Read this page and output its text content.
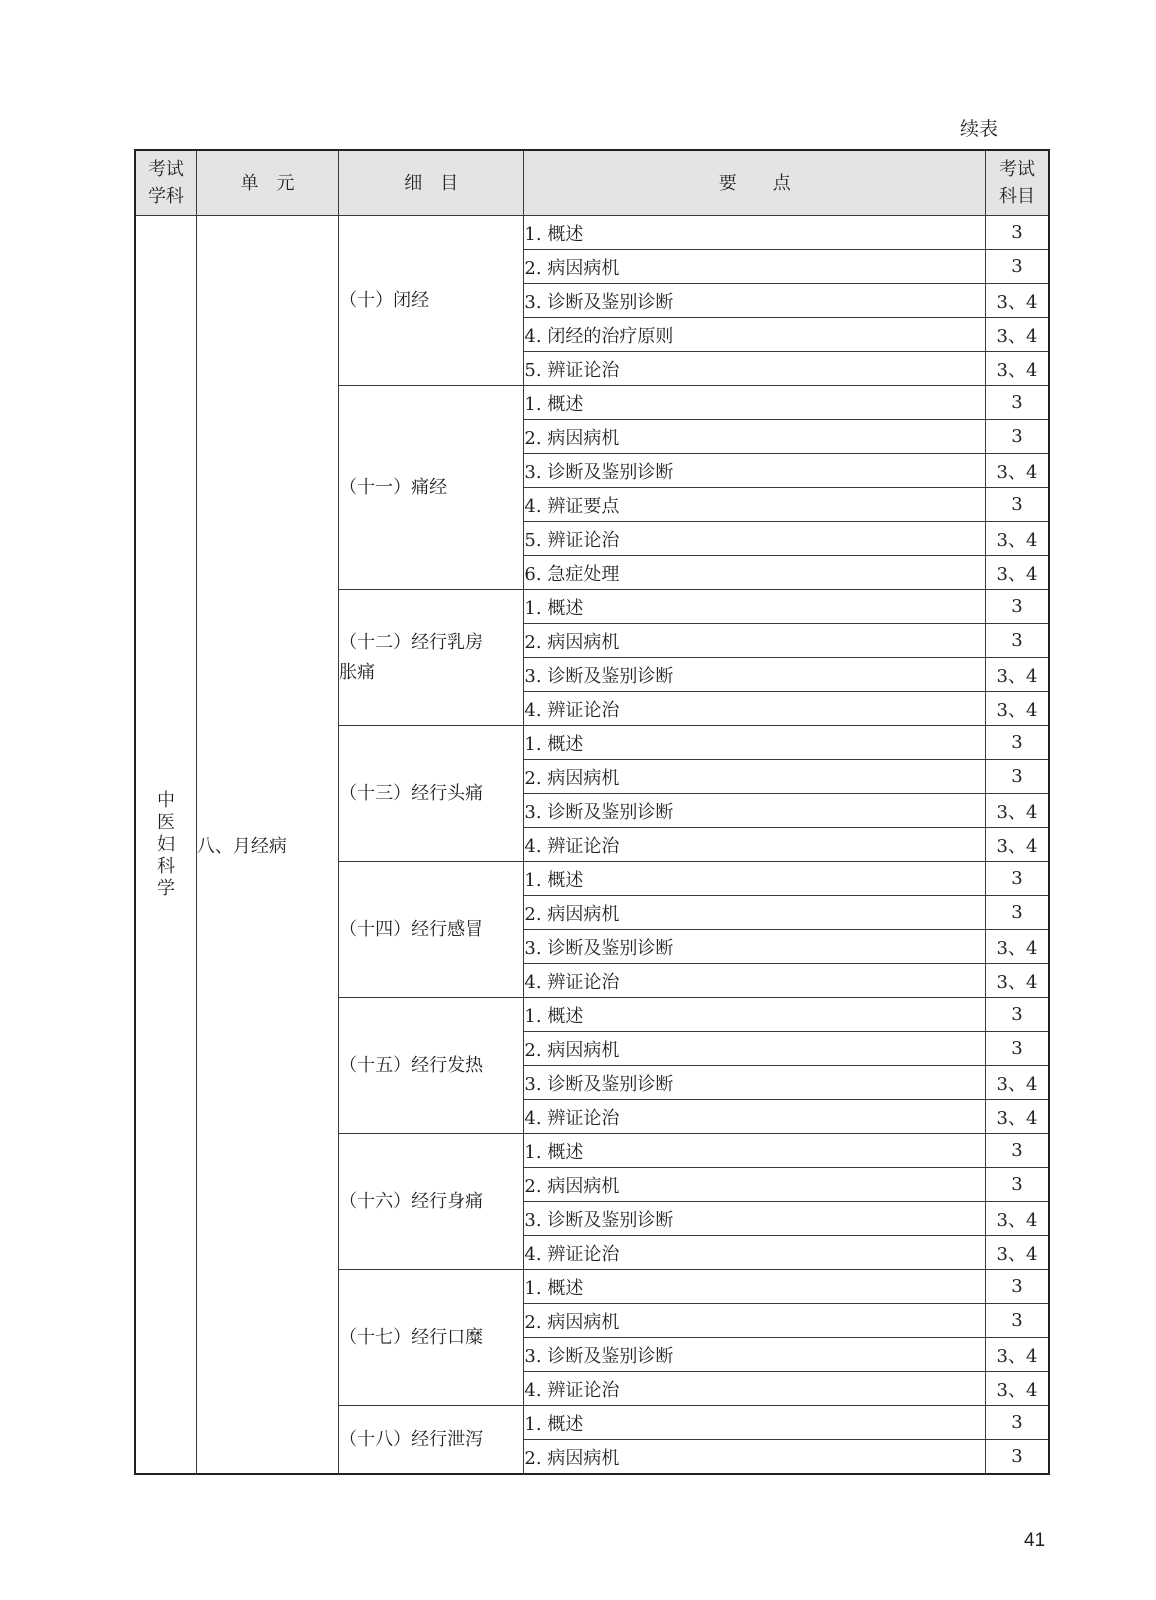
续表
考试学科	单　元	细　目	要　　点	考试科目
中医妇科学	八、月经病	（十）闭经	1. 概述	3
			2. 病因病机	3
			3. 诊断及鉴别诊断	3、4
			4. 闭经的治疗原则	3、4
			5. 辨证论治	3、4
		（十一）痛经	1. 概述	3
			2. 病因病机	3
			3. 诊断及鉴别诊断	3、4
			4. 辨证要点	3
			5. 辨证论治	3、4
			6. 急症处理	3、4
		（十二）经行乳房胀痛	1. 概述	3
			2. 病因病机	3
			3. 诊断及鉴别诊断	3、4
			4. 辨证论治	3、4
		（十三）经行头痛	1. 概述	3
			2. 病因病机	3
			3. 诊断及鉴别诊断	3、4
			4. 辨证论治	3、4
		（十四）经行感冒	1. 概述	3
			2. 病因病机	3
			3. 诊断及鉴别诊断	3、4
			4. 辨证论治	3、4
		（十五）经行发热	1. 概述	3
			2. 病因病机	3
			3. 诊断及鉴别诊断	3、4
			4. 辨证论治	3、4
		（十六）经行身痛	1. 概述	3
			2. 病因病机	3
			3. 诊断及鉴别诊断	3、4
			4. 辨证论治	3、4
		（十七）经行口糜	1. 概述	3
			2. 病因病机	3
			3. 诊断及鉴别诊断	3、4
			4. 辨证论治	3、4
		（十八）经行泄泻	1. 概述	3
			2. 病因病机	3
41
